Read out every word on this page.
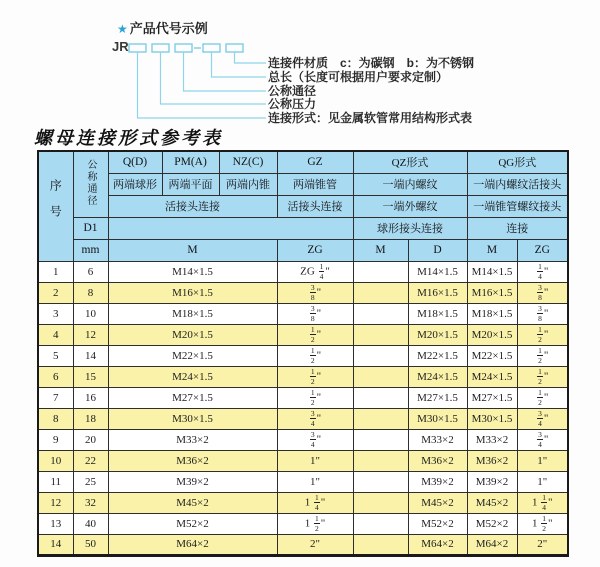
★ 产品代号示例
JR
连接件材质　c：为碳钢　b：为不锈钢
总长（长度可根据用户要求定制）
公称通径
公称压力
连接形式：见金属软管常用结构形式表
螺母连接形式参考表
序号	公称通径	Q(D)	PM(A)	NZ(C)	GZ	QZ形式		QG形式	
		两端球形	两端平面	两端内锥	两端锥管	一端内螺纹		一端内螺纹活接头	
		活接头连接			活接头连接	一端外螺纹		一端锥管螺纹接头	
	D1					球形接头连接		连接	
	mm	M			ZG	M	D	M	ZG
1	6	M14×1.5			ZG $\frac{1}{4}$ "		M14×1.5	M14×1.5	$\frac{1}{4}$ "
2	8	M16×1.5			$\frac{3}{8}$ "		M16×1.5	M16×1.5	$\frac{3}{8}$ "
3	10	M18×1.5			$\frac{3}{8}$ "		M18×1.5	M18×1.5	$\frac{3}{8}$ "
4	12	M20×1.5			$\frac{1}{2}$ "		M20×1.5	M20×1.5	$\frac{1}{2}$ "
5	14	M22×1.5			$\frac{1}{2}$ "		M22×1.5	M22×1.5	$\frac{1}{2}$ "
6	15	M24×1.5			$\frac{1}{2}$ "		M24×1.5	M24×1.5	$\frac{1}{2}$ "
7	16	M27×1.5			$\frac{1}{2}$ "		M27×1.5	M27×1.5	$\frac{1}{2}$ "
8	18	M30×1.5			$\frac{3}{4}$ "		M30×1.5	M30×1.5	$\frac{3}{4}$ "
9	20	M33×2			$\frac{3}{4}$ "		M33×2	M33×2	$\frac{3}{4}$ "
10	22	M36×2			1"		M36×2	M36×2	1"
11	25	M39×2			1"		M39×2	M39×2	1"
12	32	M45×2			$1 \frac{1}{4}$ "		M45×2	M45×2	$1 \frac{1}{4}$ "
13	40	M52×2			$1 \frac{1}{2}$ "		M52×2	M52×2	$1 \frac{1}{2}$ "
14	50	M64×2			2"		M64×2	M64×2	2"
